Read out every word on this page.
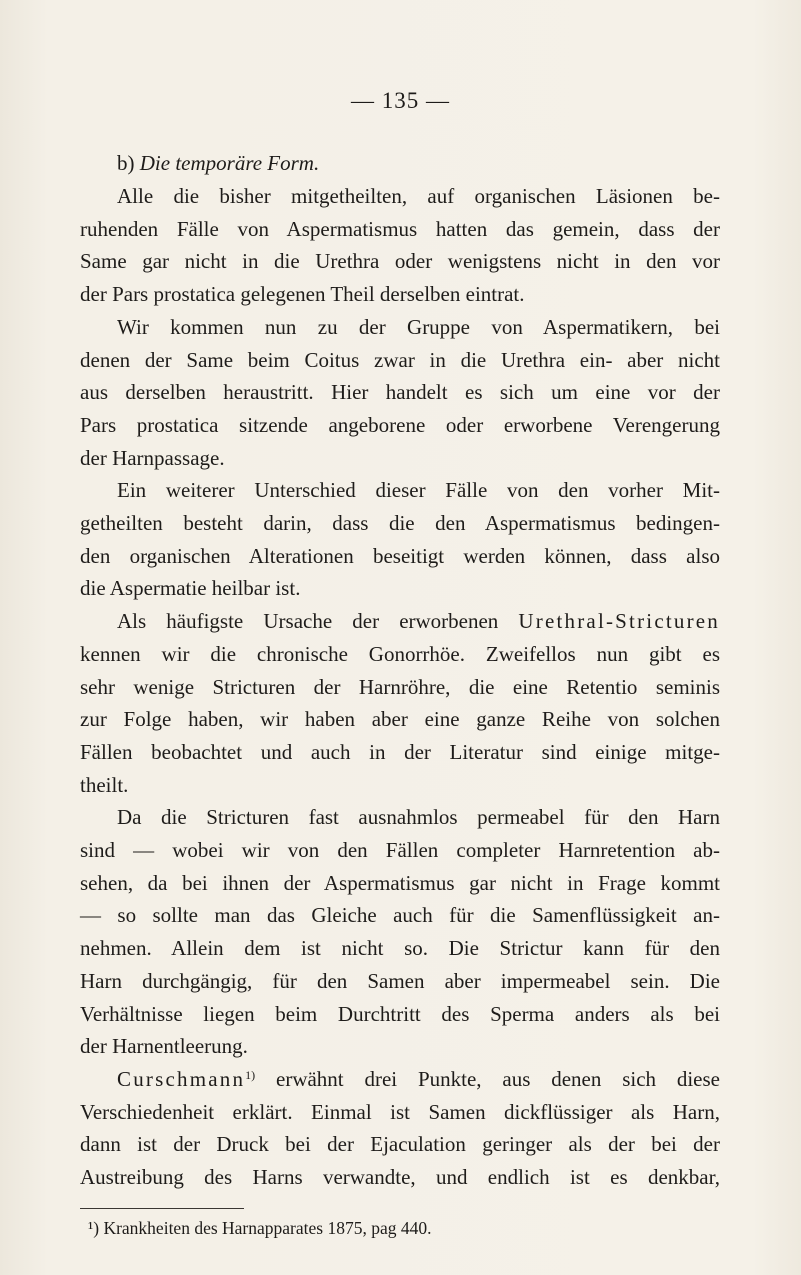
— 135 —
b) Die temporäre Form.
Alle die bisher mitgetheilten, auf organischen Läsionen be-
ruhenden Fälle von Aspermatismus hatten das gemein, dass der
Same gar nicht in die Urethra oder wenigstens nicht in den vor
der Pars prostatica gelegenen Theil derselben eintrat.
Wir kommen nun zu der Gruppe von Aspermatikern, bei
denen der Same beim Coitus zwar in die Urethra ein- aber nicht
aus derselben heraustritt. Hier handelt es sich um eine vor der
Pars prostatica sitzende angeborene oder erworbene Verengerung
der Harnpassage.
Ein weiterer Unterschied dieser Fälle von den vorher Mit-
getheilten besteht darin, dass die den Aspermatismus bedingen-
den organischen Alterationen beseitigt werden können, dass also
die Aspermatie heilbar ist.
Als häufigste Ursache der erworbenen Urethral-Stricturen
kennen wir die chronische Gonorrhöe. Zweifellos nun gibt es
sehr wenige Stricturen der Harnröhre, die eine Retentio seminis
zur Folge haben, wir haben aber eine ganze Reihe von solchen
Fällen beobachtet und auch in der Literatur sind einige mitge-
theilt.
Da die Stricturen fast ausnahmlos permeabel für den Harn
sind — wobei wir von den Fällen completer Harnretention ab-
sehen, da bei ihnen der Aspermatismus gar nicht in Frage kommt
— so sollte man das Gleiche auch für die Samenflüssigkeit an-
nehmen. Allein dem ist nicht so. Die Strictur kann für den
Harn durchgängig, für den Samen aber impermeabel sein. Die
Verhältnisse liegen beim Durchtritt des Sperma anders als bei
der Harnentleerung.
Curschmann$^{1)}$ erwähnt drei Punkte, aus denen sich diese
Verschiedenheit erklärt. Einmal ist Samen dickflüssiger als Harn,
dann ist der Druck bei der Ejaculation geringer als der bei der
Austreibung des Harns verwandte, und endlich ist es denkbar,
¹) Krankheiten des Harnapparates 1875, pag 440.
